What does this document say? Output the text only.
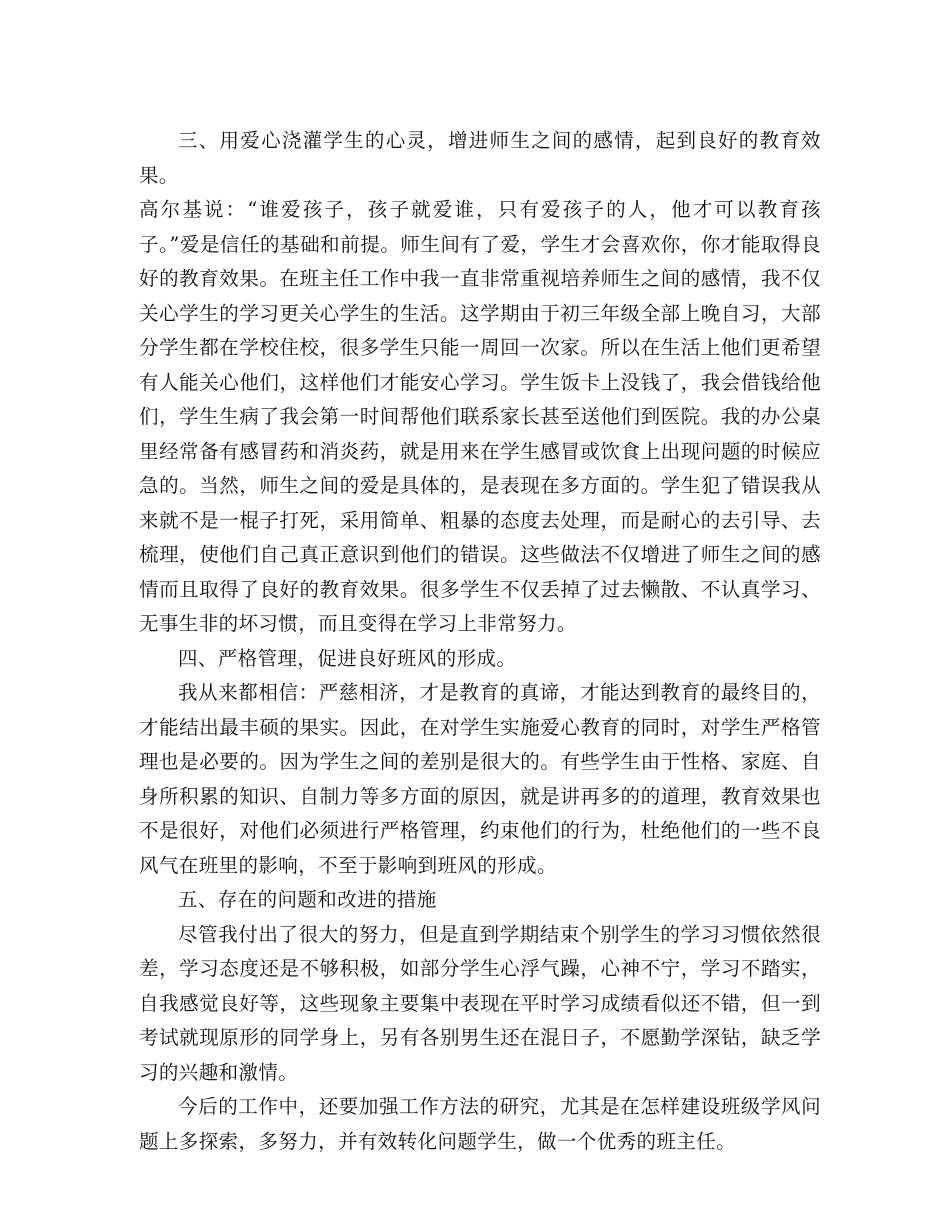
三、用爱心浇灌学生的心灵，增进师生之间的感情，起到良好的教育效果。

高尔基说：“谁爱孩子，孩子就爱谁，只有爱孩子的人，他才可以教育孩子。”爱是信任的基础和前提。师生间有了爱，学生才会喜欢你，你才能取得良好的教育效果。在班主任工作中我一直非常重视培养师生之间的感情，我不仅关心学生的学习更关心学生的生活。这学期由于初三年级全部上晚自习，大部分学生都在学校住校，很多学生只能一周回一次家。所以在生活上他们更希望有人能关心他们，这样他们才能安心学习。学生饭卡上没钱了，我会借钱给他们，学生生病了我会第一时间帮他们联系家长甚至送他们到医院。我的办公桌里经常备有感冒药和消炎药，就是用来在学生感冒或饮食上出现问题的时候应急的。当然，师生之间的爱是具体的，是表现在多方面的。学生犯了错误我从来就不是一棍子打死，采用简单、粗暴的态度去处理，而是耐心的去引导、去梳理，使他们自己真正意识到他们的错误。这些做法不仅增进了师生之间的感情而且取得了良好的教育效果。很多学生不仅丢掉了过去懒散、不认真学习、无事生非的坏习惯，而且变得在学习上非常努力。

四、严格管理，促进良好班风的形成。

我从来都相信：严慈相济，才是教育的真谛，才能达到教育的最终目的，才能结出最丰硕的果实。因此，在对学生实施爱心教育的同时，对学生严格管理也是必要的。因为学生之间的差别是很大的。有些学生由于性格、家庭、自身所积累的知识、自制力等多方面的原因，就是讲再多的的道理，教育效果也不是很好，对他们必须进行严格管理，约束他们的行为，杜绝他们的一些不良风气在班里的影响，不至于影响到班风的形成。

五、存在的问题和改进的措施

尽管我付出了很大的努力，但是直到学期结束个别学生的学习习惯依然很差，学习态度还是不够积极，如部分学生心浮气躁，心神不宁，学习不踏实，自我感觉良好等，这些现象主要集中表现在平时学习成绩看似还不错，但一到考试就现原形的同学身上，另有各别男生还在混日子，不愿勤学深钻，缺乏学习的兴趣和激情。

今后的工作中，还要加强工作方法的研究，尤其是在怎样建设班级学风问题上多探索，多努力，并有效转化问题学生，做一个优秀的班主任。
